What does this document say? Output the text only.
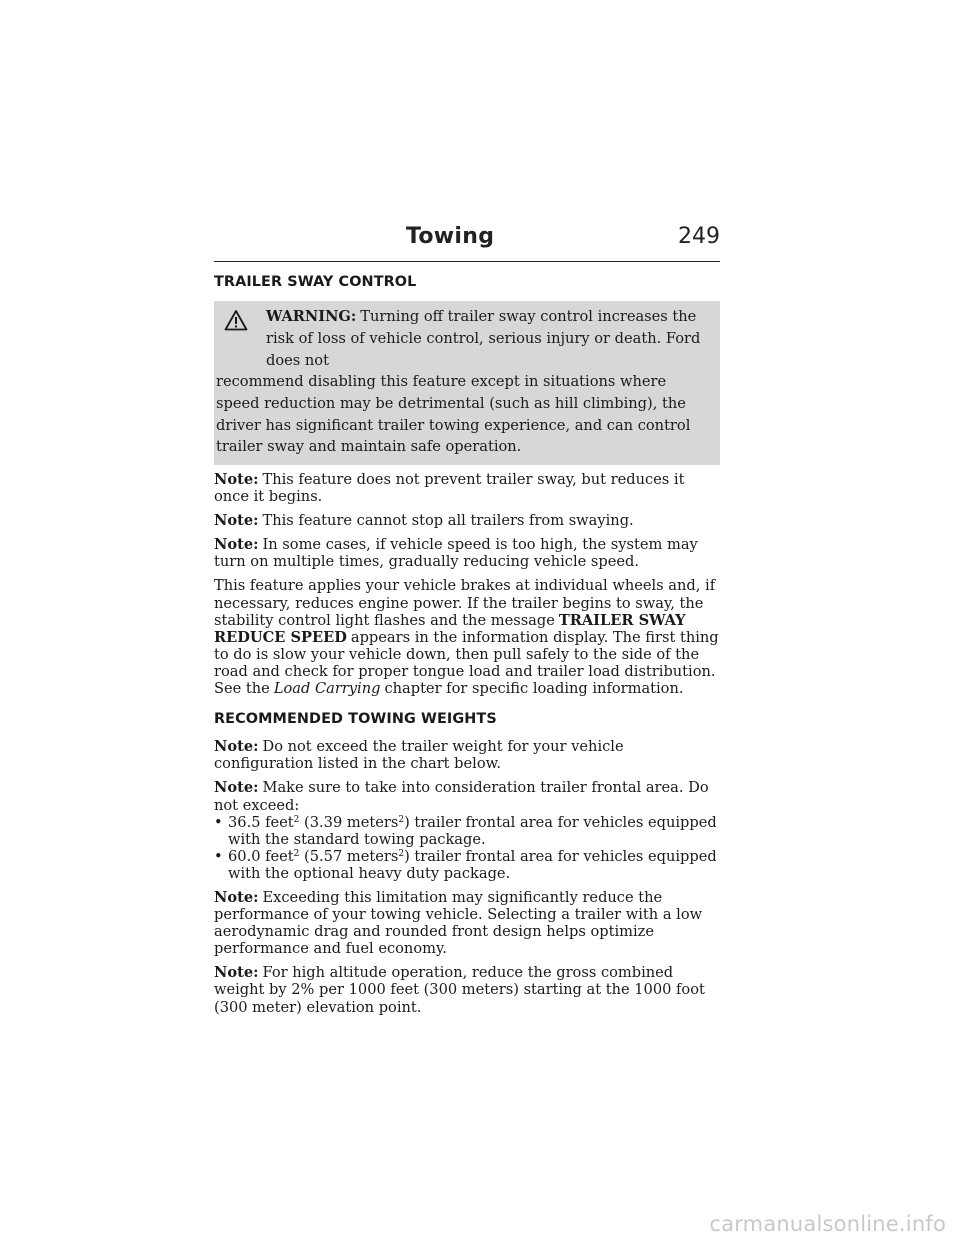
Towing	249
TRAILER SWAY CONTROL
WARNING: Turning off trailer sway control increases the risk of loss of vehicle control, serious injury or death. Ford does not
recommend disabling this feature except in situations where speed reduction may be detrimental (such as hill climbing), the driver has significant trailer towing experience, and can control trailer sway and maintain safe operation.

Note: This feature does not prevent trailer sway, but reduces it once it begins.

Note: This feature cannot stop all trailers from swaying.

Note: In some cases, if vehicle speed is too high, the system may turn on multiple times, gradually reducing vehicle speed.

This feature applies your vehicle brakes at individual wheels and, if necessary, reduces engine power. If the trailer begins to sway, the stability control light flashes and the message TRAILER SWAY REDUCE SPEED appears in the information display. The first thing to do is slow your vehicle down, then pull safely to the side of the road and check for proper tongue load and trailer load distribution. See the Load Carrying chapter for specific loading information.

RECOMMENDED TOWING WEIGHTS

Note: Do not exceed the trailer weight for your vehicle configuration listed in the chart below.

Note: Make sure to take into consideration trailer frontal area. Do not exceed:

• 36.5 feet$^2$ (3.39 meters$^2$) trailer frontal area for vehicles equipped with the standard towing package.
• 60.0 feet$^2$ (5.57 meters$^2$) trailer frontal area for vehicles equipped with the optional heavy duty package.

Note: Exceeding this limitation may significantly reduce the performance of your towing vehicle. Selecting a trailer with a low aerodynamic drag and rounded front design helps optimize performance and fuel economy.

Note: For high altitude operation, reduce the gross combined weight by 2% per 1000 feet (300 meters) starting at the 1000 foot (300 meter) elevation point.

carmanualsonline.info
